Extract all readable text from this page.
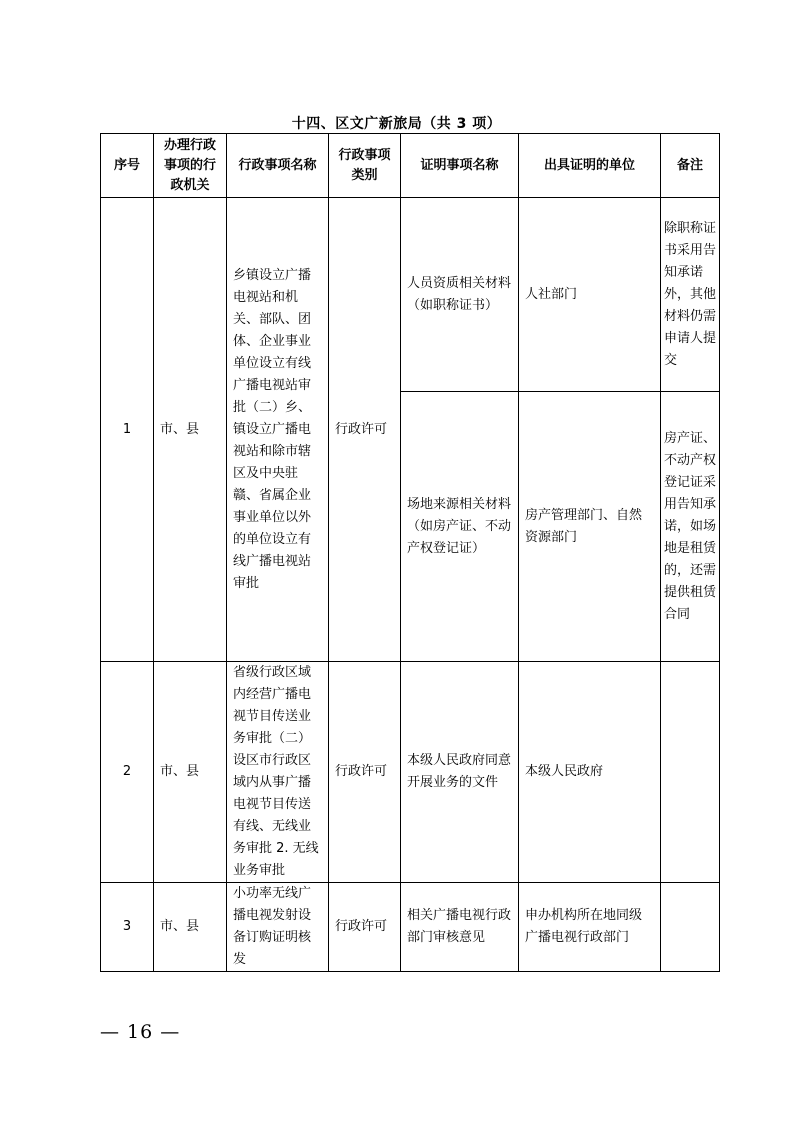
十四、区文广新旅局（共 3 项）
序号	办理行政事项的行政机关	行政事项名称	行政事项类别	证明事项名称	出具证明的单位	备注
1	市、县	乡镇设立广播电视站和机关、部队、团体、企业事业单位设立有线广播电视站审批（二）乡、镇设立广播电视站和除市辖区及中央驻赣、省属企业事业单位以外的单位设立有线广播电视站审批	行政许可	人员资质相关材料（如职称证书）	人社部门	除职称证书采用告知承诺外，其他材料仍需申请人提交
				场地来源相关材料（如房产证、不动产权登记证）	房产管理部门、自然资源部门	房产证、不动产权登记证采用告知承诺，如场地是租赁的，还需提供租赁合同
2	市、县	省级行政区域内经营广播电视节目传送业务审批（二）设区市行政区域内从事广播电视节目传送有线、无线业务审批 2. 无线业务审批	行政许可	本级人民政府同意开展业务的文件	本级人民政府	
3	市、县	小功率无线广播电视发射设备订购证明核发	行政许可	相关广播电视行政部门审核意见	申办机构所在地同级广播电视行政部门	
— 16 —
